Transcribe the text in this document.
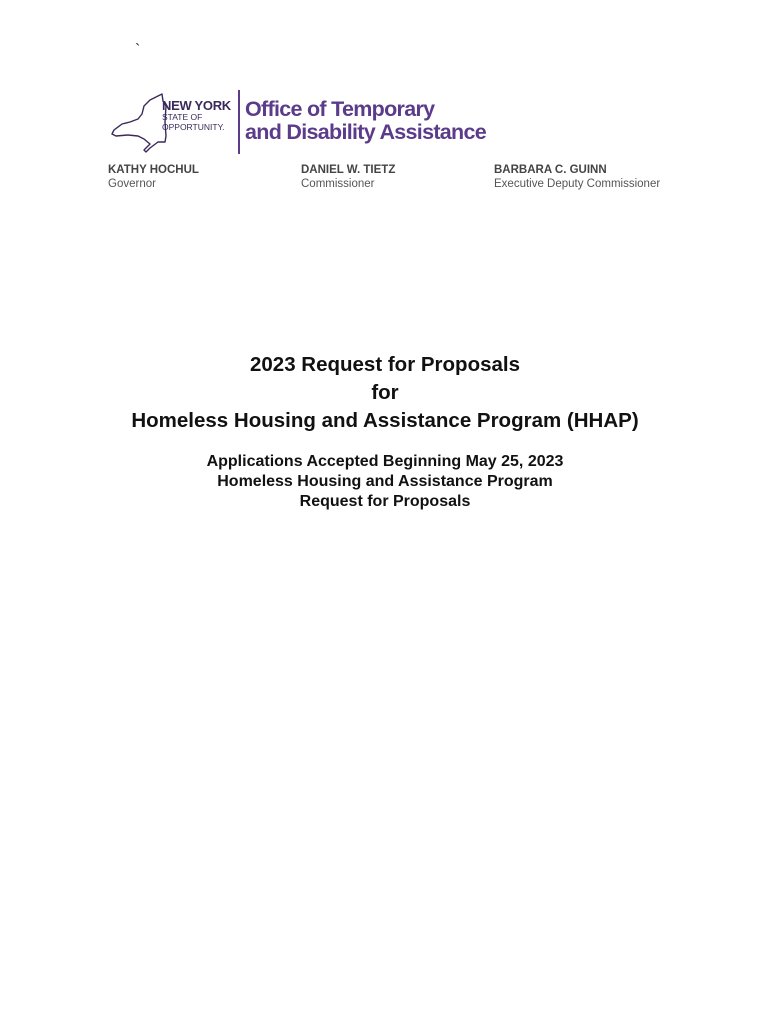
`
NEW YORK
STATE OF
OPPORTUNITY.
Office of Temporary
and Disability Assistance
KATHY HOCHUL
Governor
DANIEL W. TIETZ
Commissioner
BARBARA C. GUINN
Executive Deputy Commissioner
2023 Request for Proposals
for
Homeless Housing and Assistance Program (HHAP)
Applications Accepted Beginning May 25, 2023
Homeless Housing and Assistance Program
Request for Proposals
